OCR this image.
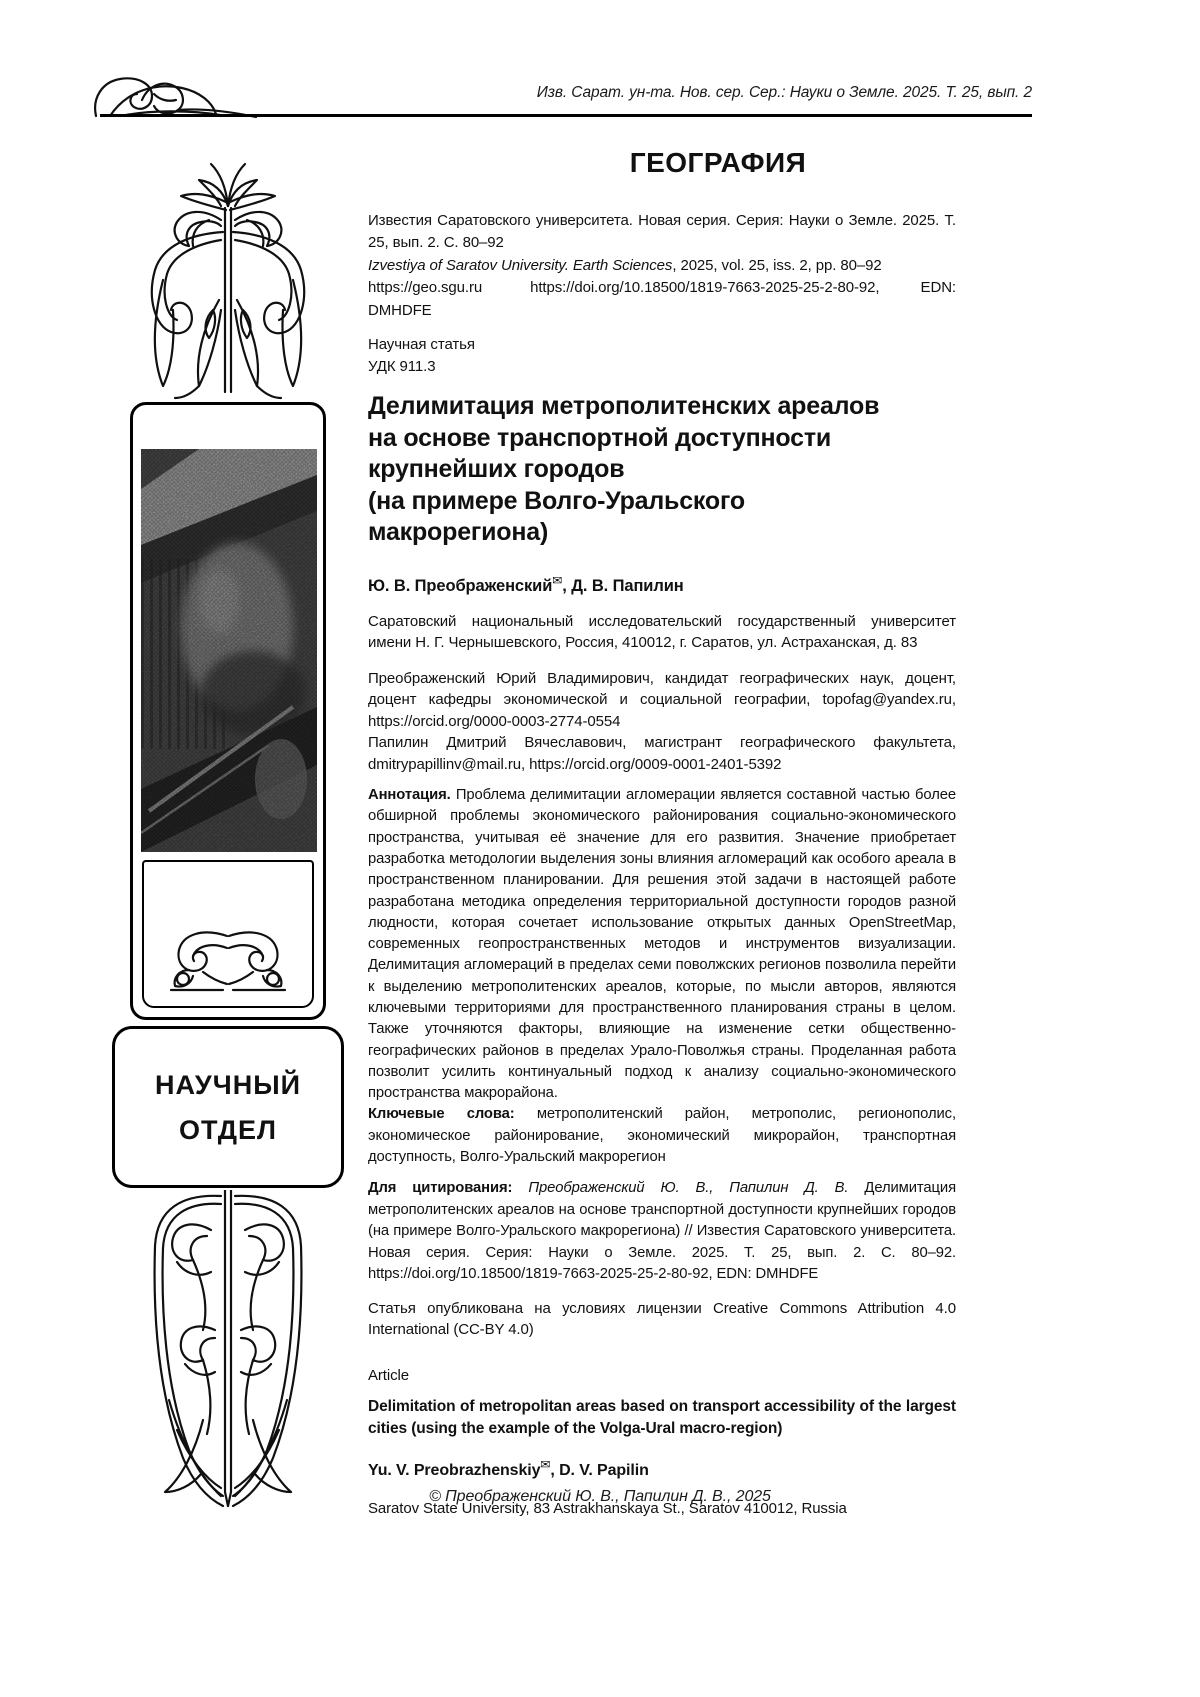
Изв. Сарат. ун-та. Нов. сер. Сер.: Науки о Земле. 2025. Т. 25, вып. 2
НАУЧНЫЙ
ОТДЕЛ
ГЕОГРАФИЯ

Известия Саратовского университета. Новая серия. Серия: Науки о Земле. 2025. Т. 25, вып. 2. С. 80–92

Izvestiya of Saratov University. Earth Sciences, 2025, vol. 25, iss. 2, pp. 80–92

https://geo.sgu.ru	https://doi.org/10.18500/1819-7663-2025-25-2-80-92, EDN: DMHDFE

Научная статья
УДК 911.3
Делимитация метрополитенских ареалов
на основе транспортной доступности
крупнейших городов
(на примере Волго-Уральского
макрорегиона)

Ю. В. Преображенский✉, Д. В. Папилин

Саратовский национальный исследовательский государственный университет имени Н. Г. Чернышевского, Россия, 410012, г. Саратов, ул. Астраханская, д. 83

Преображенский Юрий Владимирович, кандидат географических наук, доцент, доцент кафедры экономической и социальной географии, topofag@yandex.ru, https://orcid.org/0000-0003-2774-0554
Папилин Дмитрий Вячеславович, магистрант географического факультета, dmitrypapillinv@mail.ru, https://orcid.org/0009-0001-2401-5392

Аннотация. Проблема делимитации агломерации является составной частью более обширной проблемы экономического районирования социально-экономического пространства, учитывая её значение для его развития. Значение приобретает разработка методологии выделения зоны влияния агломераций как особого ареала в пространственном планировании. Для решения этой задачи в настоящей работе разработана методика определения территориальной доступности городов разной людности, которая сочетает использование открытых данных OpenStreetMap, современных геопространственных методов и инструментов визуализации. Делимитация агломераций в пределах семи поволжских регионов позволила перейти к выделению метрополитенских ареалов, которые, по мысли авторов, являются ключевыми территориями для пространственного планирования страны в целом. Также уточняются факторы, влияющие на изменение сетки общественно-географических районов в пределах Урало-Поволжья страны. Проделанная работа позволит усилить континуальный подход к анализу социально-экономического пространства макрорайона.

Ключевые слова: метрополитенский район, метрополис, регионополис, экономическое районирование, экономический микрорайон, транспортная доступность, Волго-Уральский макрорегион

Для цитирования: Преображенский Ю. В., Папилин Д. В. Делимитация метрополитенских ареалов на основе транспортной доступности крупнейших городов (на примере Волго-Уральского макрорегиона) // Известия Саратовского университета. Новая серия. Серия: Науки о Земле. 2025. Т. 25, вып. 2. С. 80–92. https://doi.org/10.18500/1819-7663-2025-25-2-80-92, EDN: DMHDFE

Статья опубликована на условиях лицензии Creative Commons Attribution 4.0 International (CC-BY 4.0)

Article

Delimitation of metropolitan areas based on transport accessibility of the largest cities (using the example of the Volga-Ural macro-region)

Yu. V. Preobrazhenskiy✉, D. V. Papilin

Saratov State University, 83 Astrakhanskaya St., Saratov 410012, Russia

© Преображенский Ю. В., Папилин Д. В., 2025
